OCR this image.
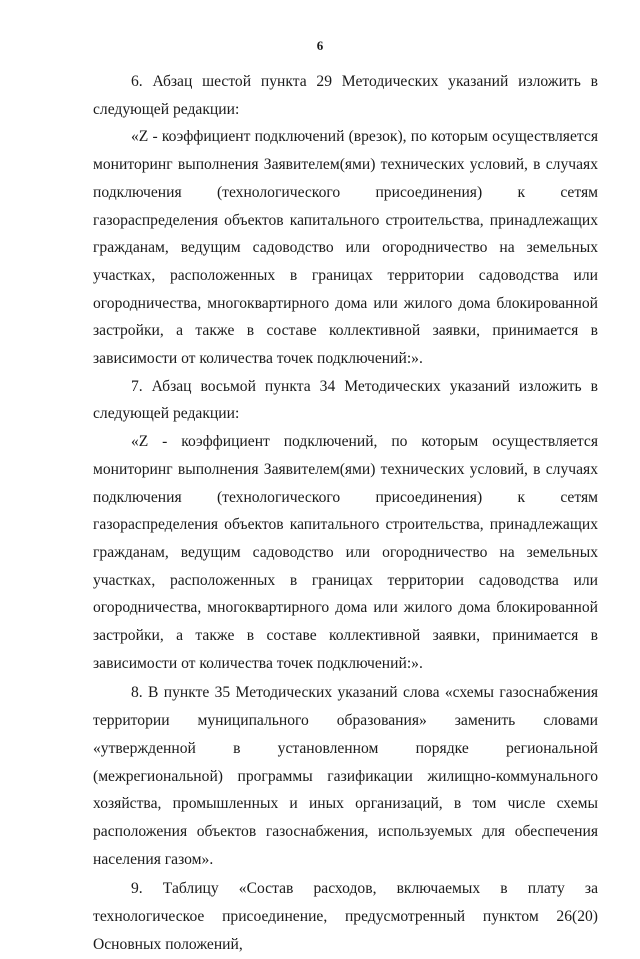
6

6. Абзац шестой пункта 29 Методических указаний изложить в следующей редакции:

«Z - коэффициент подключений (врезок), по которым осуществляется мониторинг выполнения Заявителем(ями) технических условий, в случаях подключения (технологического присоединения) к сетям газораспределения объектов капитального строительства, принадлежащих гражданам, ведущим садоводство или огородничество на земельных участках, расположенных в границах территории садоводства или огородничества, многоквартирного дома или жилого дома блокированной застройки, а также в составе коллективной заявки, принимается в зависимости от количества точек подключений:».

7. Абзац восьмой пункта 34 Методических указаний изложить в следующей редакции:

«Z - коэффициент подключений, по которым осуществляется мониторинг выполнения Заявителем(ями) технических условий, в случаях подключения (технологического присоединения) к сетям газораспределения объектов капитального строительства, принадлежащих гражданам, ведущим садоводство или огородничество на земельных участках, расположенных в границах территории садоводства или огородничества, многоквартирного дома или жилого дома блокированной застройки, а также в составе коллективной заявки, принимается в зависимости от количества точек подключений:».

8. В пункте 35 Методических указаний слова «схемы газоснабжения территории муниципального образования» заменить словами «утвержденной в установленном порядке региональной (межрегиональной) программы газификации жилищно-коммунального хозяйства, промышленных и иных организаций, в том числе схемы расположения объектов газоснабжения, используемых для обеспечения населения газом».

9. Таблицу «Состав расходов, включаемых в плату за технологическое присоединение, предусмотренный пунктом 26(20) Основных положений,
